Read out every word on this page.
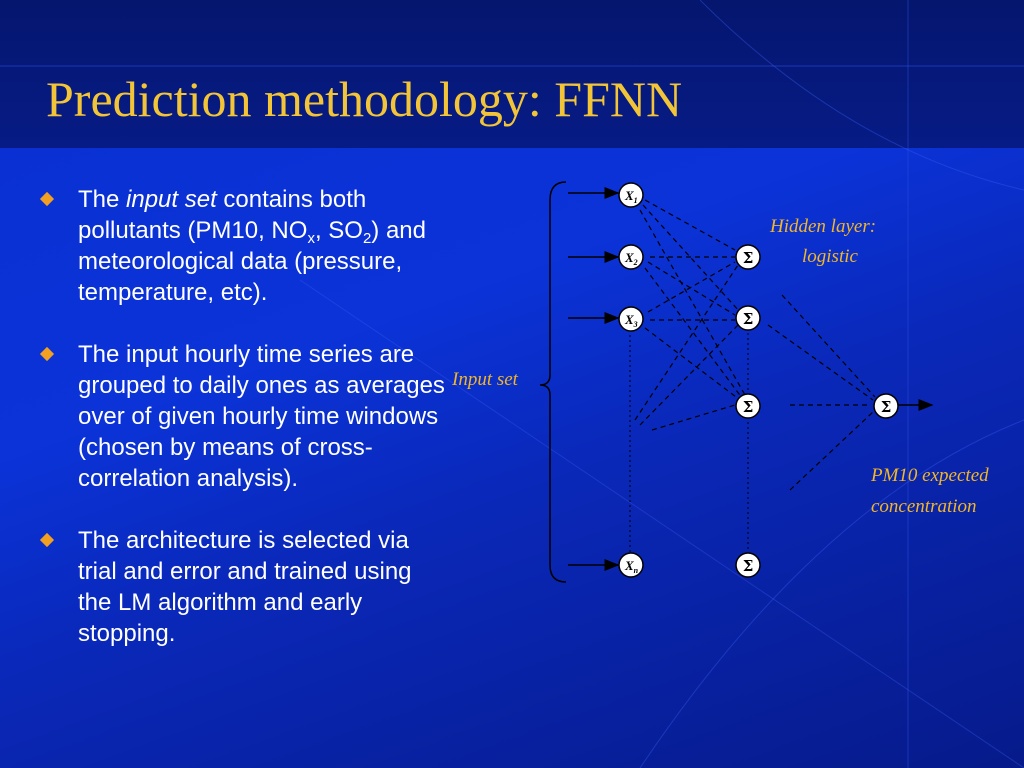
Prediction methodology: FFNN
The input set contains both pollutants (PM10, $NO_x$, $SO_2$) and meteorological data (pressure, temperature, etc).
The input hourly time series are grouped to daily ones as averages over of given hourly time windows (chosen by means of cross-correlation analysis).
The architecture is selected via trial and error and trained using the LM algorithm and early stopping.
$X_1$
$X_2$
$X_3$
$X_n$
Σ
Σ
Σ
Σ
Σ
Input set
Hidden layer:
logistic
PM10 expected
concentration
